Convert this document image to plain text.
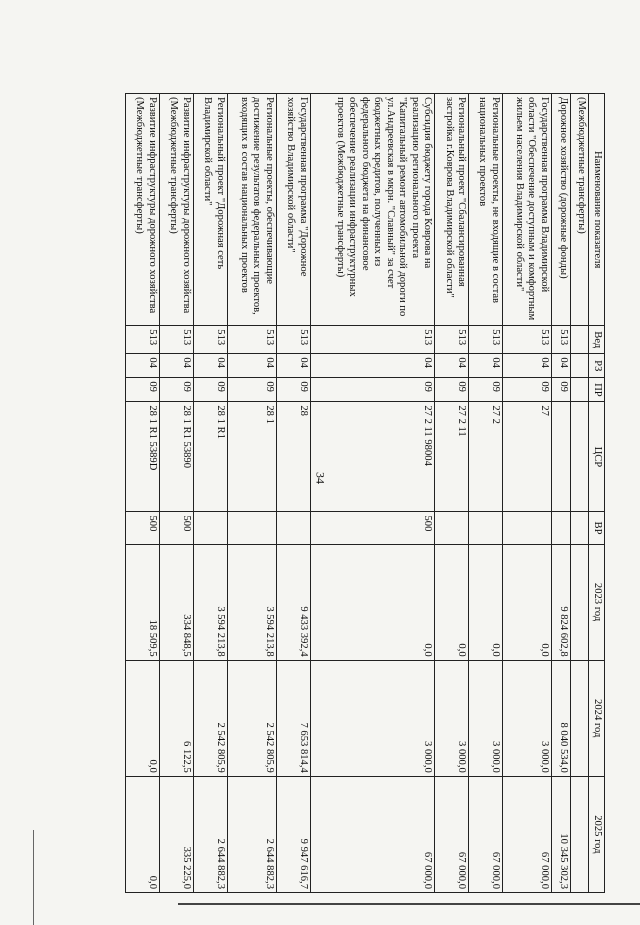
34
Наименование показателя	Вед	РЗ	ПР	ЦСР	ВР	2023 год	2024 год	2025 год
(Межбюджетные трансферты)								
Дорожное хозяйство (дорожные фонды)	513	04	09			9 824 602,8	8 040 534,0	10 345 302,3
Государственная программа Владимирской области "Обеспечение доступным и комфортным жильем населения Владимирской области"	513	04	09	27		0,0	3 000,0	67 000,0
Региональные проекты, не входящие в состав национальных проектов	513	04	09	27 2		0,0	3 000,0	67 000,0
Региональный проект "Сбалансированная застройка г.Коврова Владимирской области"	513	04	09	27 2 11		0,0	3 000,0	67 000,0
Субсидия бюджету города Коврова на реализацию регионального проекта "Капитальный ремонт автомобильной дороги по ул.Андреевская в мкрн. "Славный" за счет бюджетных кредитов, полученных из федерального бюджета на финансовое обеспечение реализации инфраструктурных проектов (Межбюджетные трансферты)	513	04	09	27 2 11 98004	500	0,0	3 000,0	67 000,0
Государственная программа "Дорожное хозяйство Владимирской области"	513	04	09	28		9 433 392,4	7 653 814,4	9 947 616,7
Региональные проекты, обеспечивающие достижение результатов федеральных проектов, входящих в состав национальных проектов	513	04	09	28 1		3 594 213,8	2 542 805,9	2 644 882,3
Региональный проект "Дорожная сеть Владимирской области"	513	04	09	28 1 R1		3 594 213,8	2 542 805,9	2 644 882,3
Развитие инфраструктуры дорожного хозяйства (Межбюджетные трансферты)	513	04	09	28 1 R1 53890	500	334 848,5	6 122,5	335 225,0
Развитие инфраструктуры дорожного хозяйства (Межбюджетные трансферты)	513	04	09	28 1 R1 5389D	500	18 509,5	0,0	0,0
